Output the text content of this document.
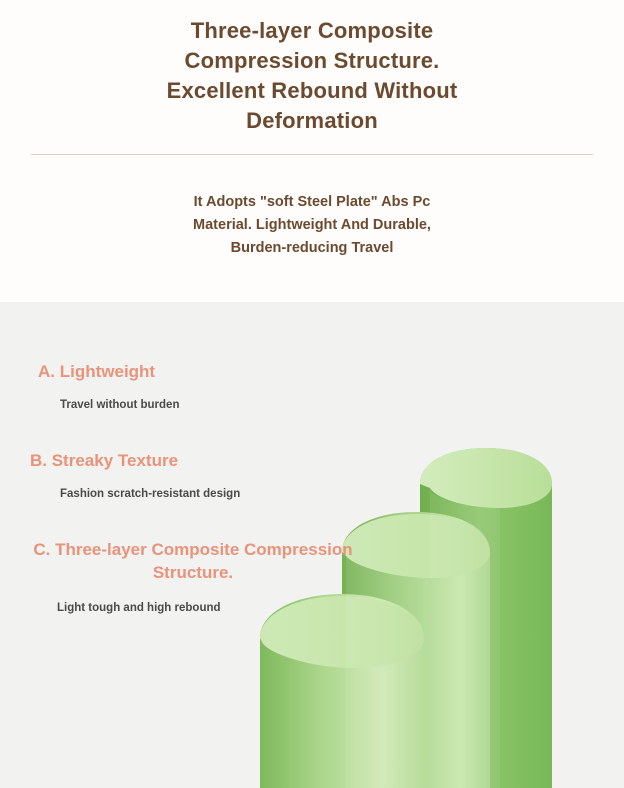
Three-layer Composite
Compression Structure.
Excellent Rebound Without
Deformation
It Adopts "soft Steel Plate" Abs Pc
Material. Lightweight And Durable,
Burden-reducing Travel
A. Lightweight
Travel without burden
B. Streaky Texture
Fashion scratch-resistant design
C. Three-layer Composite Compression Structure.
Light tough and high rebound
